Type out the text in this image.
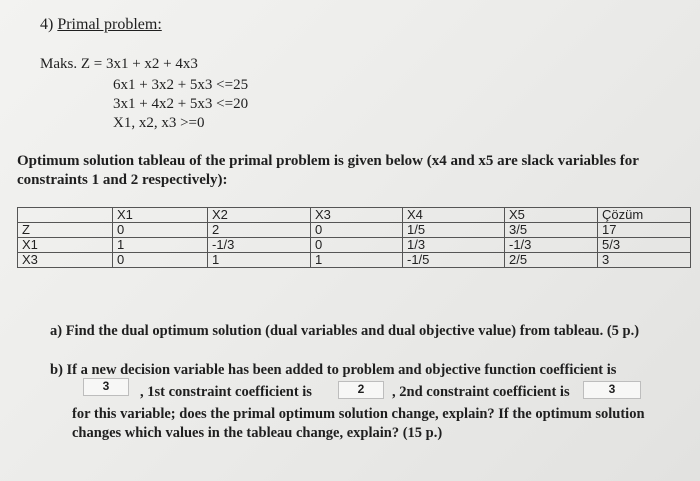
4) Primal problem:
Maks. Z = 3x1 + x2 + 4x3
6x1 + 3x2 + 5x3 <=25
3x1 + 4x2 + 5x3 <=20
X1, x2, x3 >=0
Optimum solution tableau of the primal problem is given below (x4 and x5 are slack variables for
constraints 1 and 2 respectively):
	X1	X2	X3	X4	X5	Çözüm
Z	0	2	0	1/5	3/5	17
X1	1	-1/3	0	1/3	-1/3	5/3
X3	0	1	1	-1/5	2/5	3
a) Find the dual optimum solution (dual variables and dual objective value) from tableau. (5 p.)
b) If a new decision variable has been added to problem and objective function coefficient is
3	, 1st constraint coefficient is	2	, 2nd constraint coefficient is	3
for this variable; does the primal optimum solution change, explain? If the optimum solution
changes which values in the tableau change, explain? (15 p.)
